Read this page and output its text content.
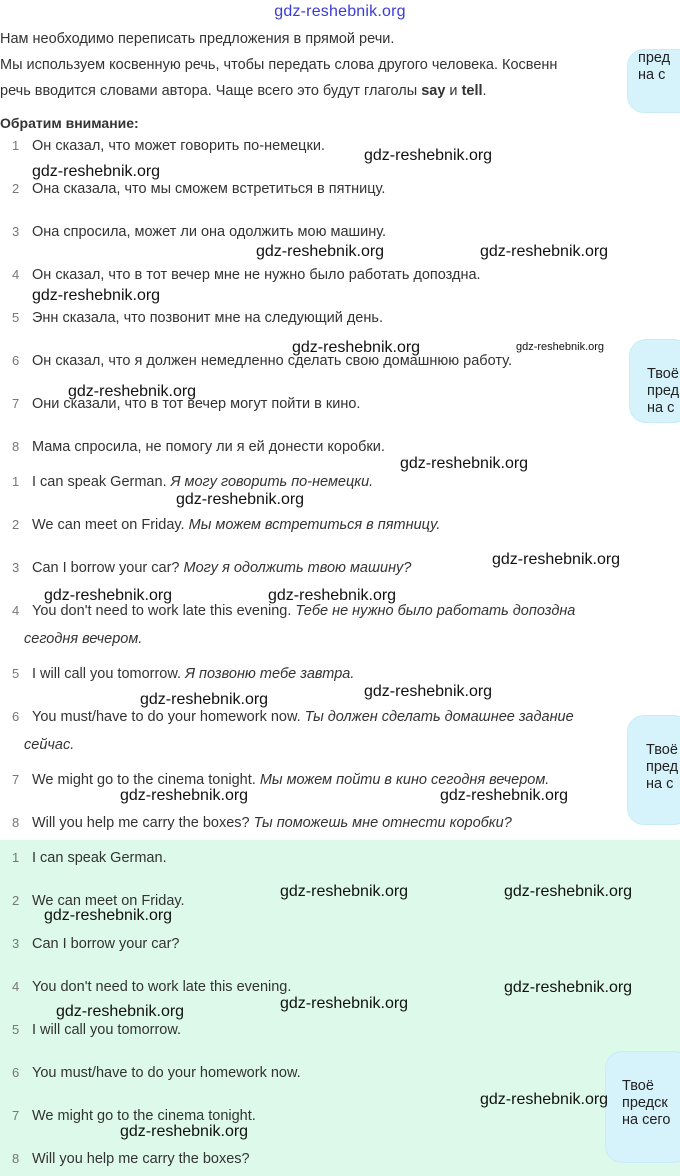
gdz-reshebnik.org
Нам необходимо переписать предложения в прямой речи.
Мы используем косвенную речь, чтобы передать слова другого человека. Косвенн
речь вводится словами автора. Чаще всего это будут глаголы say и tell.
Обратим внимание:
1 Он сказал, что может говорить по-немецки.
2 Она сказала, что мы сможем встретиться в пятницу.
3 Она спросила, может ли она одолжить мою машину.
4 Он сказал, что в тот вечер мне не нужно было работать допоздна.
5 Энн сказала, что позвонит мне на следующий день.
6 Он сказал, что я должен немедленно сделать свою домашнюю работу.
7 Они сказали, что в тот вечер могут пойти в кино.
8 Мама спросила, не помогу ли я ей донести коробки.
1 I can speak German. Я могу говорить по-немецки.
2 We can meet on Friday. Мы можем встретиться в пятницу.
3 Can I borrow your car? Могу я одолжить твою машину?
4 You don't need to work late this evening. Тебе не нужно было работать допоздна
сегодня вечером.
5 I will call you tomorrow. Я позвоню тебе завтра.
6 You must/have to do your homework now. Ты должен сделать домашнее задание
сейчас.
7 We might go to the cinema tonight. Мы можем пойти в кино сегодня вечером.
8 Will you help me carry the boxes? Ты поможешь мне отнести коробки?
1 I can speak German.
2 We can meet on Friday.
3 Can I borrow your car?
4 You don't need to work late this evening.
5 I will call you tomorrow.
6 You must/have to do your homework now.
7 We might go to the cinema tonight.
8 Will you help me carry the boxes?
пред
на с
Твоё
пред
на с
Твоё
пред
на с
Твоё
предск
на сего
gdz-reshebnik.org
gdz-reshebnik.org
gdz-reshebnik.org	gdz-reshebnik.org
gdz-reshebnik.org
gdz-reshebnik.org	gdz-reshebnik.org
gdz-reshebnik.org
gdz-reshebnik.org
gdz-reshebnik.org
gdz-reshebnik.org
gdz-reshebnik.org	gdz-reshebnik.org
gdz-reshebnik.org
gdz-reshebnik.org
gdz-reshebnik.org	gdz-reshebnik.org
gdz-reshebnik.org	gdz-reshebnik.org
gdz-reshebnik.org
gdz-reshebnik.org
gdz-reshebnik.org
gdz-reshebnik.org
gdz-reshebnik.org
gdz-reshebnik.org
